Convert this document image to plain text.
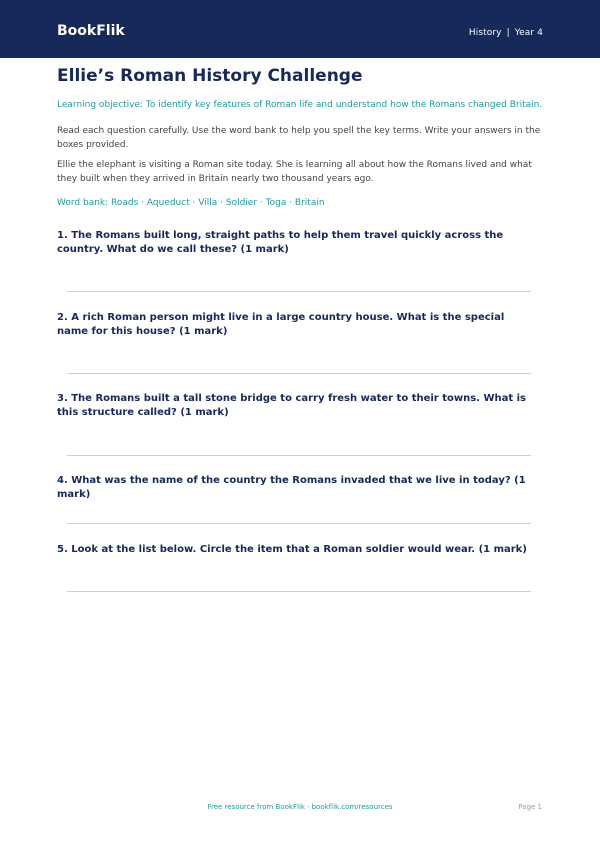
BookFlik	History | Year 4
Ellie’s Roman History Challenge
Learning objective: To identify key features of Roman life and understand how the Romans changed Britain.
Read each question carefully. Use the word bank to help you spell the key terms. Write your answers in the boxes provided.
Ellie the elephant is visiting a Roman site today. She is learning all about how the Romans lived and what they built when they arrived in Britain nearly two thousand years ago.
Word bank: Roads · Aqueduct · Villa · Soldier · Toga · Britain
1. The Romans built long, straight paths to help them travel quickly across the country. What do we call these? (1 mark)
2. A rich Roman person might live in a large country house. What is the special name for this house? (1 mark)
3. The Romans built a tall stone bridge to carry fresh water to their towns. What is this structure called? (1 mark)
4. What was the name of the country the Romans invaded that we live in today? (1 mark)
5. Look at the list below. Circle the item that a Roman soldier would wear. (1 mark)
Free resource from BookFlik · bookflik.com/resources	Page 1
